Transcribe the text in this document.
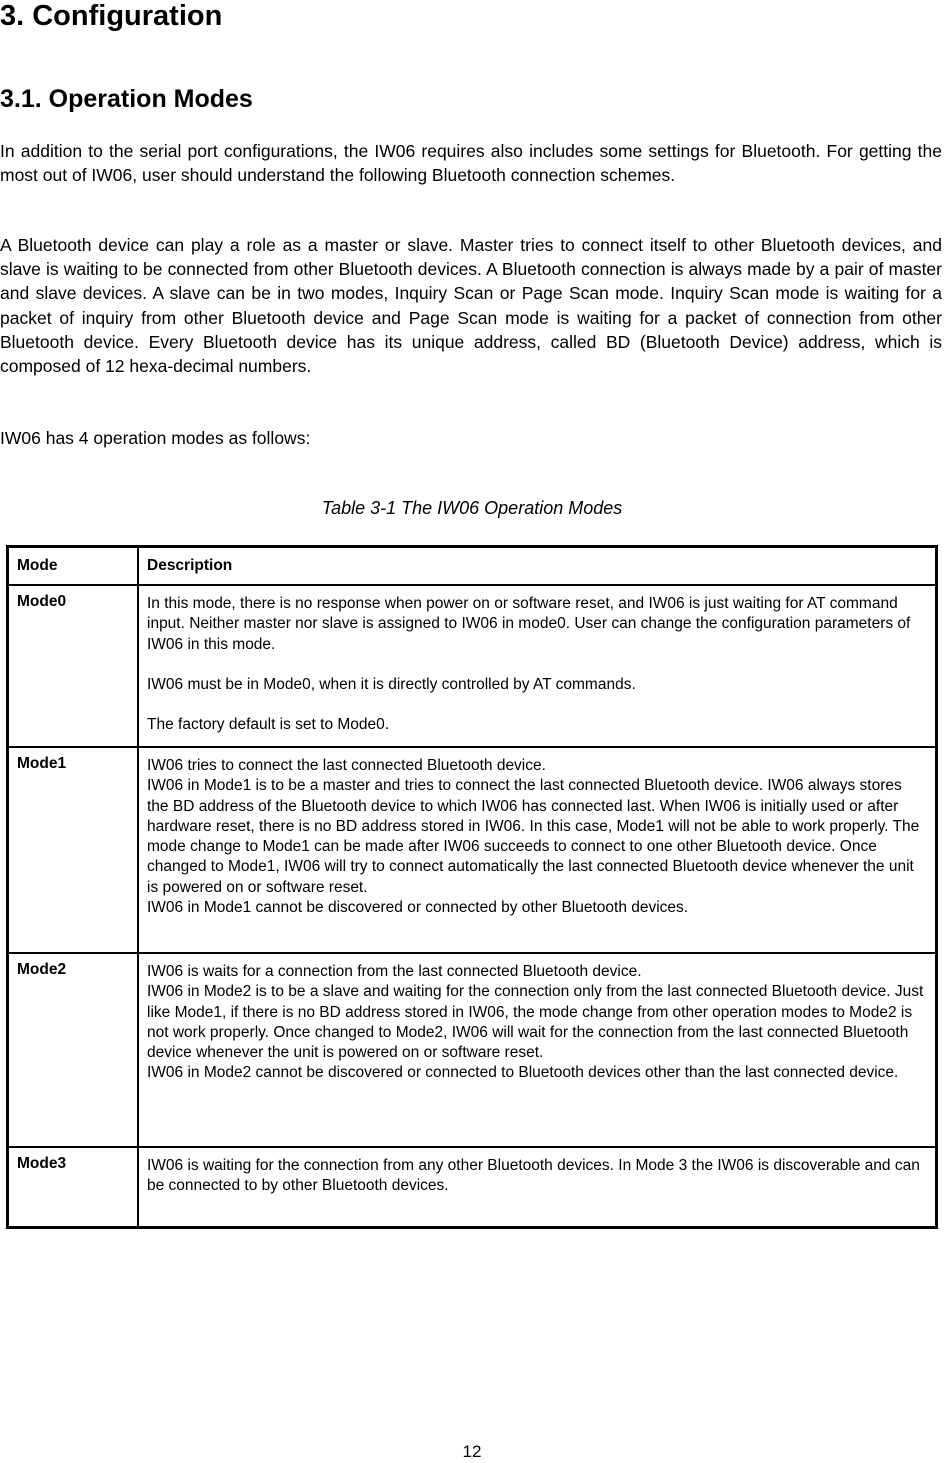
3. Configuration
3.1. Operation Modes

In addition to the serial port configurations, the IW06 requires also includes some settings for Bluetooth. For getting the most out of IW06, user should understand the following Bluetooth connection schemes.

A Bluetooth device can play a role as a master or slave. Master tries to connect itself to other Bluetooth devices, and slave is waiting to be connected from other Bluetooth devices. A Bluetooth connection is always made by a pair of master and slave devices. A slave can be in two modes, Inquiry Scan or Page Scan mode. Inquiry Scan mode is waiting for a packet of inquiry from other Bluetooth device and Page Scan mode is waiting for a packet of connection from other Bluetooth device. Every Bluetooth device has its unique address, called BD (Bluetooth Device) address, which is composed of 12 hexa-decimal numbers.

IW06 has 4 operation modes as follows:

Table 3-1 The IW06 Operation Modes

Mode	Description
Mode0	In this mode, there is no response when power on or software reset, and IW06 is just waiting for AT command input. Neither master nor slave is assigned to IW06 in mode0. User can change the configuration parameters of IW06 in this mode.

IW06 must be in Mode0, when it is directly controlled by AT commands.

The factory default is set to Mode0.

Mode1	IW06 tries to connect the last connected Bluetooth device.

IW06 in Mode1 is to be a master and tries to connect the last connected Bluetooth device. IW06 always stores the BD address of the Bluetooth device to which IW06 has connected last. When IW06 is initially used or after hardware reset, there is no BD address stored in IW06. In this case, Mode1 will not be able to work properly. The mode change to Mode1 can be made after IW06 succeeds to connect to one other Bluetooth device. Once changed to Mode1, IW06 will try to connect automatically the last connected Bluetooth device whenever the unit is powered on or software reset.

IW06 in Mode1 cannot be discovered or connected by other Bluetooth devices.

Mode2	IW06 is waits for a connection from the last connected Bluetooth device.

IW06 in Mode2 is to be a slave and waiting for the connection only from the last connected Bluetooth device. Just like Mode1, if there is no BD address stored in IW06, the mode change from other operation modes to Mode2 is not work properly. Once changed to Mode2, IW06 will wait for the connection from the last connected Bluetooth device whenever the unit is powered on or software reset.

IW06 in Mode2 cannot be discovered or connected to Bluetooth devices other than the last connected device.

Mode3	IW06 is waiting for the connection from any other Bluetooth devices. In Mode 3 the IW06 is discoverable and can be connected to by other Bluetooth devices.

12
